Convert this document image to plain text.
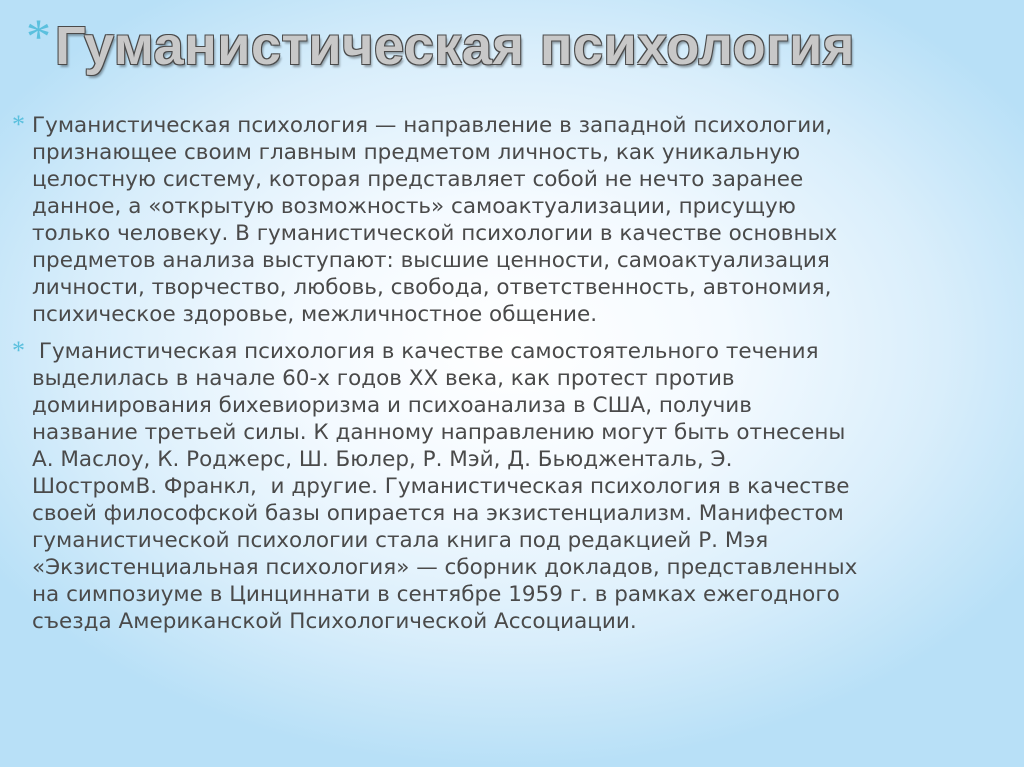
* Гуманистическая психология
* Гуманистическая психология — направление в западной психологии,
признающее своим главным предметом личность, как уникальную
целостную систему, которая представляет собой не нечто заранее
данное, а «открытую возможность» самоактуализации, присущую
только человеку. В гуманистической психологии в качестве основных
предметов анализа выступают: высшие ценности, самоактуализация
личности, творчество, любовь, свобода, ответственность, автономия,
психическое здоровье, межличностное общение.
* Гуманистическая психология в качестве самостоятельного течения
выделилась в начале 60-х годов XX века, как протест против
доминирования бихевиоризма и психоанализа в США, получив
название третьей силы. К данному направлению могут быть отнесены
А. Маслоу, К. Роджерс, Ш. Бюлер, Р. Мэй, Д. Бьюдженталь, Э.
ШостромВ. Франкл,  и другие. Гуманистическая психология в качестве
своей философской базы опирается на экзистенциализм. Манифестом
гуманистической психологии стала книга под редакцией Р. Мэя
«Экзистенциальная психология» — сборник докладов, представленных
на симпозиуме в Цинциннати в сентябре 1959 г. в рамках ежегодного
съезда Американской Психологической Ассоциации.
